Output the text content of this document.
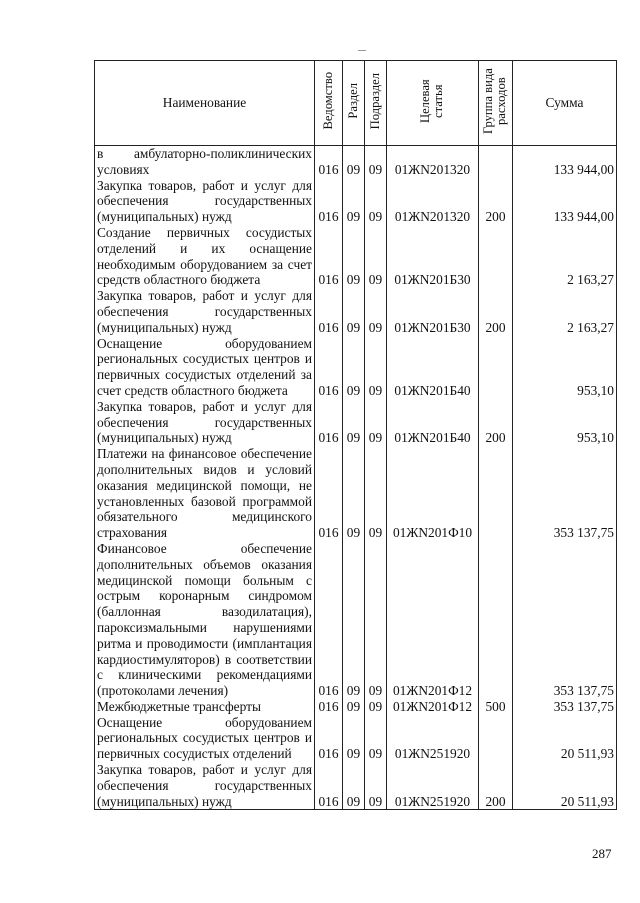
Наименование	Ведомство	Раздел	Подраздел	Целевая статья	Группа вида расходов	Сумма
в амбулаторно-поликлинических условиях	016	09	09	01ЖN201320		133 944,00
Закупка товаров, работ и услуг для обеспечения государственных (муниципальных) нужд	016	09	09	01ЖN201320	200	133 944,00
Создание первичных сосудистых отделений и их оснащение необходимым оборудованием за счет средств областного бюджета	016	09	09	01ЖN201Б30		2 163,27
Закупка товаров, работ и услуг для обеспечения государственных (муниципальных) нужд	016	09	09	01ЖN201Б30	200	2 163,27
Оснащение оборудованием региональных сосудистых центров и первичных сосудистых отделений за счет средств областного бюджета	016	09	09	01ЖN201Б40		953,10
Закупка товаров, работ и услуг для обеспечения государственных (муниципальных) нужд	016	09	09	01ЖN201Б40	200	953,10
Платежи на финансовое обеспечение дополнительных видов и условий оказания медицинской помощи, не установленных базовой программой обязательного медицинского страхования	016	09	09	01ЖN201Ф10		353 137,75
Финансовое обеспечение дополнительных объемов оказания медицинской помощи больным с острым коронарным синдромом (баллонная вазодилатация), пароксизмальными нарушениями ритма и проводимости (имплантация кардиостимуляторов) в соответствии с клиническими рекомендациями (протоколами лечения)	016	09	09	01ЖN201Ф12		353 137,75
Межбюджетные трансферты	016	09	09	01ЖN201Ф12	500	353 137,75
Оснащение оборудованием региональных сосудистых центров и первичных сосудистых отделений	016	09	09	01ЖN251920		20 511,93
Закупка товаров, работ и услуг для обеспечения государственных (муниципальных) нужд	016	09	09	01ЖN251920	200	20 511,93
287
